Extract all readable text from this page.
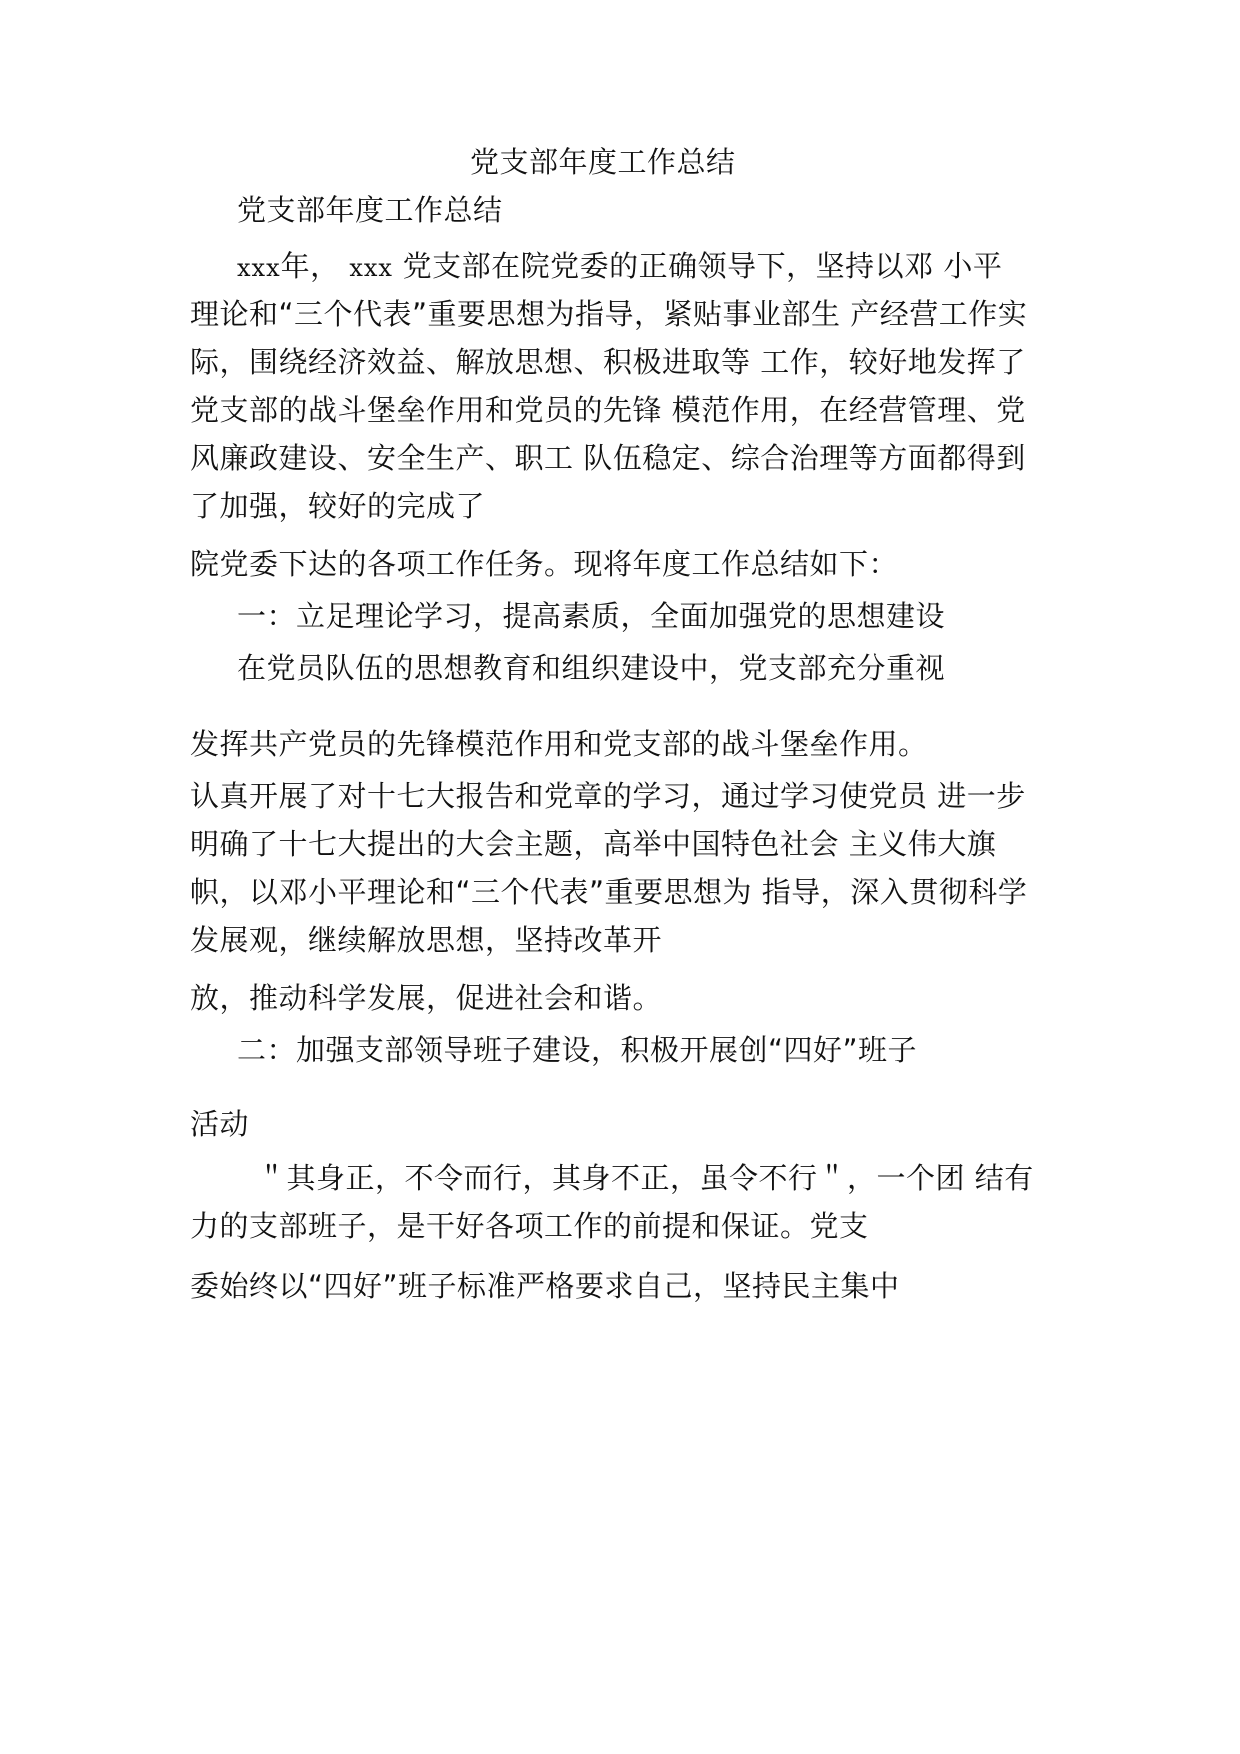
党支部年度工作总结
党支部年度工作总结
xxx年， xxx 党支部在院党委的正确领导下，坚持以邓 小平
理论和“三个代表”重要思想为指导，紧贴事业部生 产经营工作实
际，围绕经济效益、解放思想、积极进取等 工作，较好地发挥了
党支部的战斗堡垒作用和党员的先锋 模范作用，在经营管理、党
风廉政建设、安全生产、职工 队伍稳定、综合治理等方面都得到
了加强，较好的完成了
院党委下达的各项工作任务。现将年度工作总结如下：
一：立足理论学习，提高素质，全面加强党的思想建设
在党员队伍的思想教育和组织建设中，党支部充分重视
发挥共产党员的先锋模范作用和党支部的战斗堡垒作用。
认真开展了对十七大报告和党章的学习，通过学习使党员 进一步
明确了十七大提出的大会主题，高举中国特色社会 主义伟大旗
帜，以邓小平理论和“三个代表”重要思想为 指导，深入贯彻科学
发展观，继续解放思想，坚持改革开
放，推动科学发展，促进社会和谐。
二：加强支部领导班子建设，积极开展创“四好”班子
活动
＂其身正，不令而行，其身不正，虽令不行＂，一个团 结有
力的支部班子，是干好各项工作的前提和保证。党支
委始终以“四好”班子标准严格要求自己，坚持民主集中
